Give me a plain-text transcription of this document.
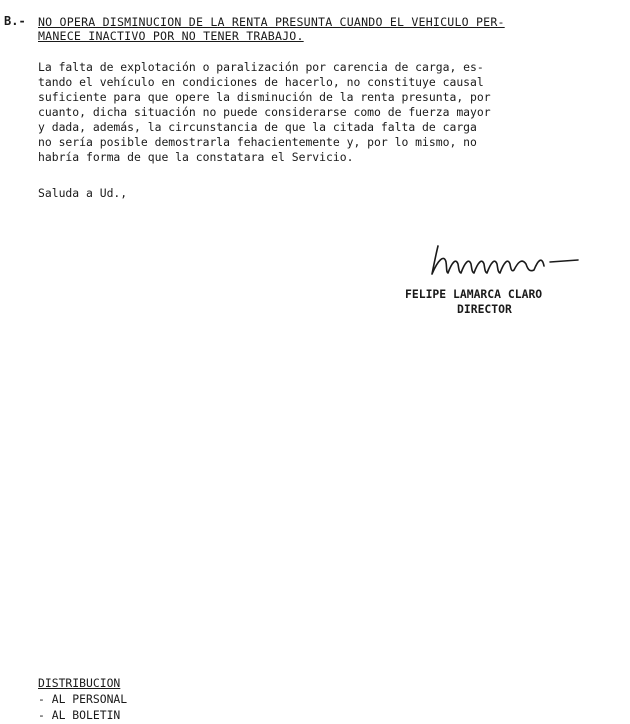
B.- NO OPERA DISMINUCION DE LA RENTA PRESUNTA CUANDO EL VEHICULO PER-
MANECE INACTIVO POR NO TENER TRABAJO.
La falta de explotación o paralización por carencia de carga, es-
tando el vehículo en condiciones de hacerlo, no constituye causal
suficiente para que opere la disminución de la renta presunta, por
cuanto, dicha situación no puede considerarse como de fuerza mayor
y dada, además, la circunstancia de que la citada falta de carga
no sería posible demostrarla fehacientemente y, por lo mismo, no
habría forma de que la constatara el Servicio.
Saluda a Ud.,
FELIPE LAMARCA CLARO
DIRECTOR
DISTRIBUCION
- AL PERSONAL
- AL BOLETIN
